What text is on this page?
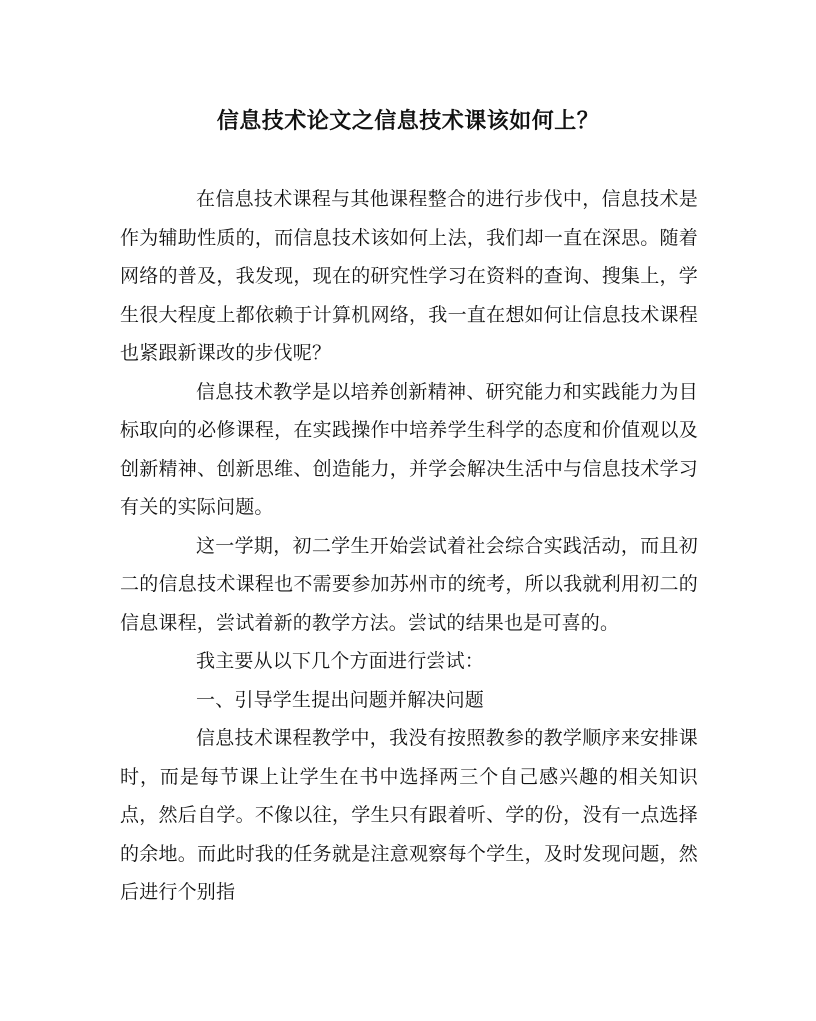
信息技术论文之信息技术课该如何上？

在信息技术课程与其他课程整合的进行步伐中，信息技术是作为辅助性质的，而信息技术该如何上法，我们却一直在深思。随着网络的普及，我发现，现在的研究性学习在资料的查询、搜集上，学生很大程度上都依赖于计算机网络，我一直在想如何让信息技术课程也紧跟新课改的步伐呢？

信息技术教学是以培养创新精神、研究能力和实践能力为目标取向的必修课程，在实践操作中培养学生科学的态度和价值观以及创新精神、创新思维、创造能力，并学会解决生活中与信息技术学习有关的实际问题。

这一学期，初二学生开始尝试着社会综合实践活动，而且初二的信息技术课程也不需要参加苏州市的统考，所以我就利用初二的信息课程，尝试着新的教学方法。尝试的结果也是可喜的。

我主要从以下几个方面进行尝试：

一、引导学生提出问题并解决问题

信息技术课程教学中，我没有按照教参的教学顺序来安排课时，而是每节课上让学生在书中选择两三个自己感兴趣的相关知识点，然后自学。不像以往，学生只有跟着听、学的份，没有一点选择的余地。而此时我的任务就是注意观察每个学生，及时发现问题，然后进行个别指
